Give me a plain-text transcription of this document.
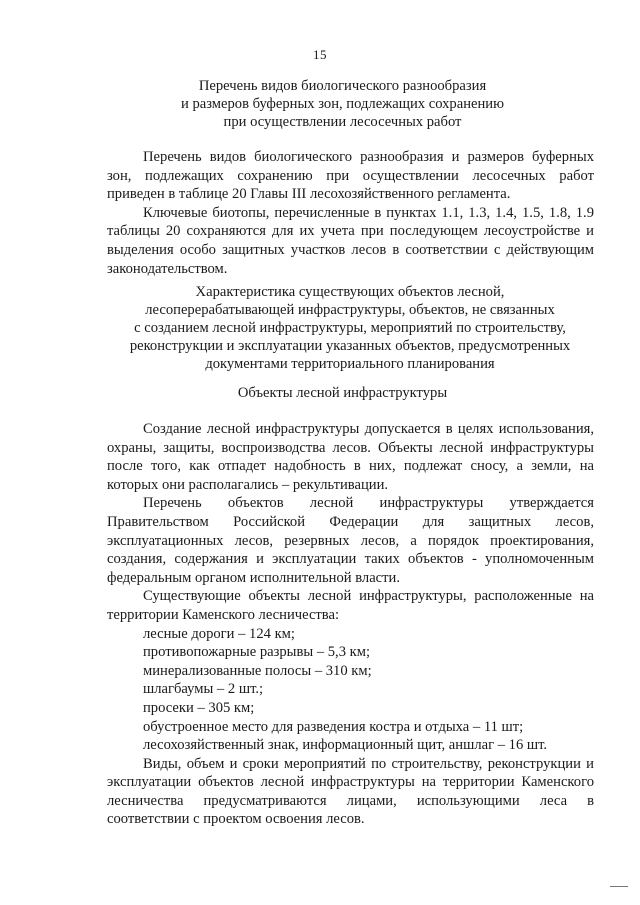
15
Перечень видов биологического разнообразия
и размеров буферных зон, подлежащих сохранению
при осуществлении лесосечных работ

Перечень видов биологического разнообразия и размеров буферных зон, подлежащих сохранению при осуществлении лесосечных работ приведен в таблице 20 Главы III лесохозяйственного регламента.

Ключевые биотопы, перечисленные в пунктах 1.1, 1.3, 1.4, 1.5, 1.8, 1.9 таблицы 20 сохраняются для их учета при последующем лесоустройстве и выделения особо защитных участков лесов в соответствии с действующим законодательством.

Характеристика существующих объектов лесной,
лесоперерабатывающей инфраструктуры, объектов, не связанных
с созданием лесной инфраструктуры, мероприятий по строительству,
реконструкции и эксплуатации указанных объектов, предусмотренных
документами территориального планирования
Объекты лесной инфраструктуры

Создание лесной инфраструктуры допускается в целях использования, охраны, защиты, воспроизводства лесов. Объекты лесной инфраструктуры после того, как отпадет надобность в них, подлежат сносу, а земли, на которых они располагались – рекультивации.

Перечень объектов лесной инфраструктуры утверждается Правительством Российской Федерации для защитных лесов, эксплуатационных лесов, резервных лесов, а порядок проектирования, создания, содержания и эксплуатации таких объектов - уполномоченным федеральным органом исполнительной власти.

Существующие объекты лесной инфраструктуры, расположенные на территории Каменского лесничества:

лесные дороги – 124 км;
противопожарные разрывы – 5,3 км;
минерализованные полосы – 310 км;
шлагбаумы – 2 шт.;
просеки – 305 км;
обустроенное место для разведения костра и отдыха – 11 шт;
лесохозяйственный знак, информационный щит, аншлаг – 16 шт.

Виды, объем и сроки мероприятий по строительству, реконструкции и эксплуатации объектов лесной инфраструктуры на территории Каменского лесничества предусматриваются лицами, использующими леса в соответствии с проектом освоения лесов.
